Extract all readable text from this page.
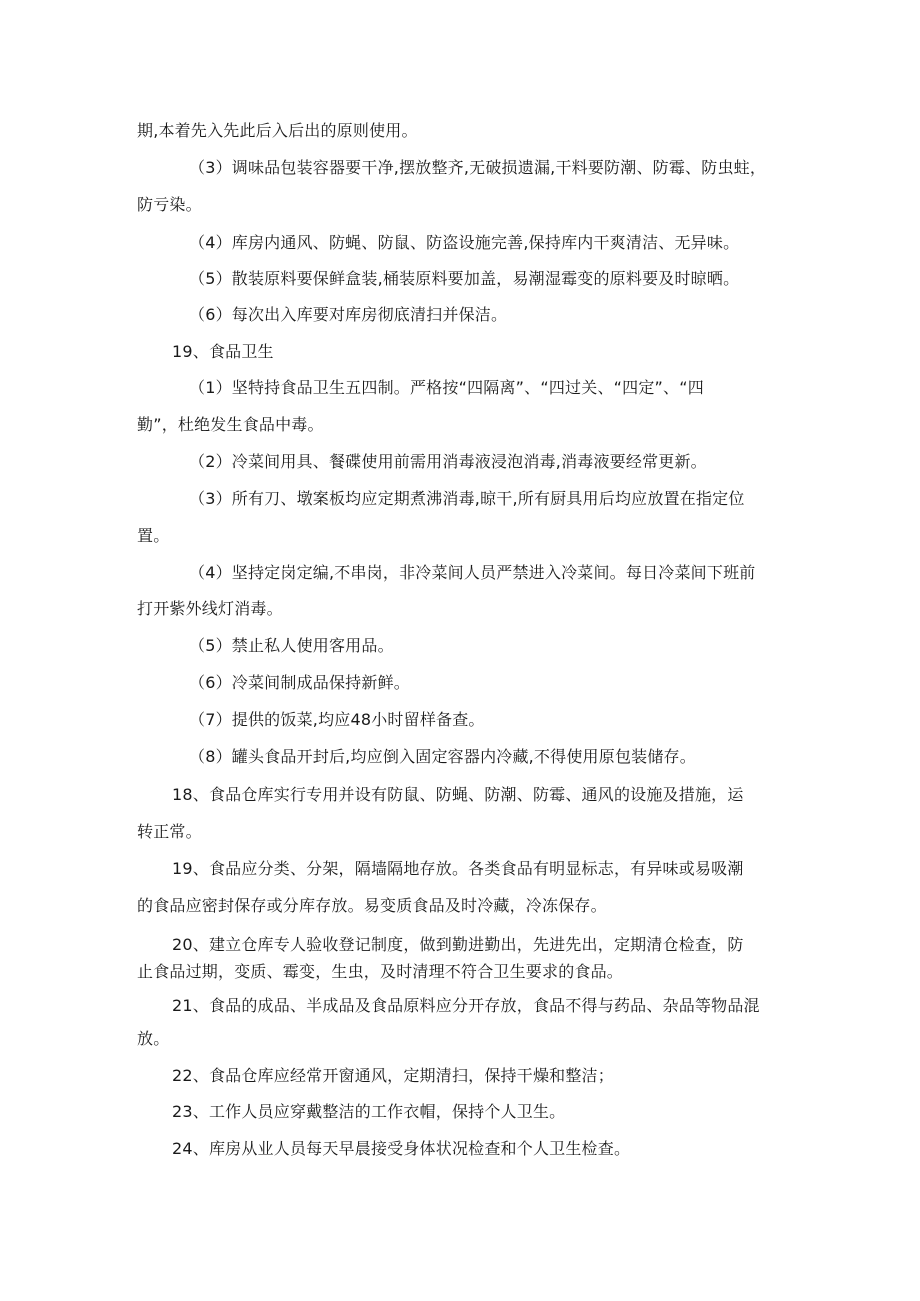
期,本着先入先此后入后出的原则使用。
（3）调味品包装容器要干净,摆放整齐,无破损遗漏,干料要防潮、防霉、防虫蛀，
防亏染。
（4）库房内通风、防蝇、防鼠、防盗设施完善,保持库内干爽清洁、无异味。
（5）散装原料要保鲜盒装,桶装原料要加盖，易潮湿霉变的原料要及时晾晒。
（6）每次出入库要对库房彻底清扫并保洁。
19、食品卫生
（1）坚特持食品卫生五四制。严格按“四隔离”、“四过关、“四定”、“四
勤”，杜绝发生食品中毒。
（2）冷菜间用具、餐碟使用前需用消毒液浸泡消毒,消毒液要经常更新。
（3）所有刀、墩案板均应定期煮沸消毒,晾干,所有厨具用后均应放置在指定位
置。
（4）坚持定岗定编,不串岗，非冷菜间人员严禁进入冷菜间。每日冷菜间下班前
打开紫外线灯消毒。
（5）禁止私人使用客用品。
（6）冷菜间制成品保持新鲜。
（7）提供的饭菜,均应48小时留样备查。
（8）罐头食品开封后,均应倒入固定容器内冷藏,不得使用原包装储存。
18、食品仓库实行专用并设有防鼠、防蝇、防潮、防霉、通风的设施及措施，运
转正常。
19、食品应分类、分架，隔墙隔地存放。各类食品有明显标志，有异味或易吸潮
的食品应密封保存或分库存放。易变质食品及时冷藏，冷冻保存。
20、建立仓库专人验收登记制度，做到勤进勤出，先进先出，定期清仓检查，防
止食品过期，变质、霉变，生虫，及时清理不符合卫生要求的食品。
21、食品的成品、半成品及食品原料应分开存放，食品不得与药品、杂品等物品混
放。
22、食品仓库应经常开窗通风，定期清扫，保持干燥和整洁；
23、工作人员应穿戴整洁的工作衣帽，保持个人卫生。
24、库房从业人员每天早晨接受身体状况检查和个人卫生检查。
